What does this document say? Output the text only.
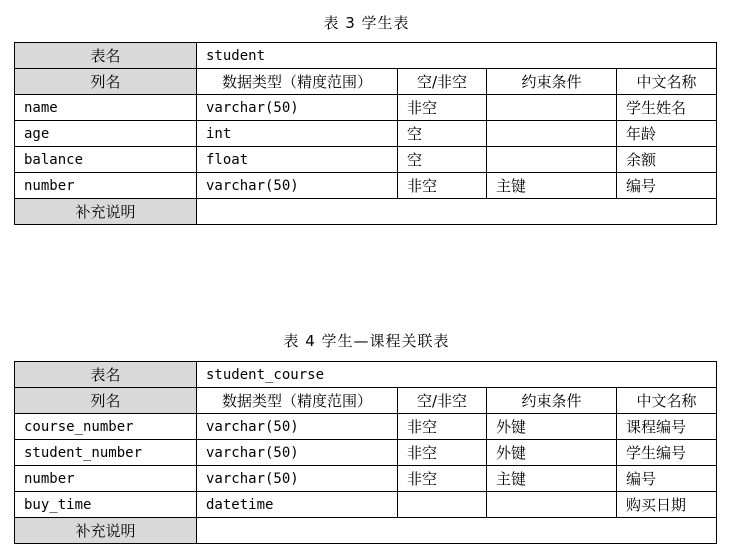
表 3 学生表
表名	student			
列名	数据类型（精度范围）	空/非空	约束条件	中文名称
name	varchar(50)	非空		学生姓名
age	int	空		年龄
balance	float	空		余额
number	varchar(50)	非空	主键	编号
补充说明				
表 4 学生—课程关联表
表名	student_course			
列名	数据类型（精度范围）	空/非空	约束条件	中文名称
course_number	varchar(50)	非空	外键	课程编号
student_number	varchar(50)	非空	外键	学生编号
number	varchar(50)	非空	主键	编号
buy_time	datetime			购买日期
补充说明				
